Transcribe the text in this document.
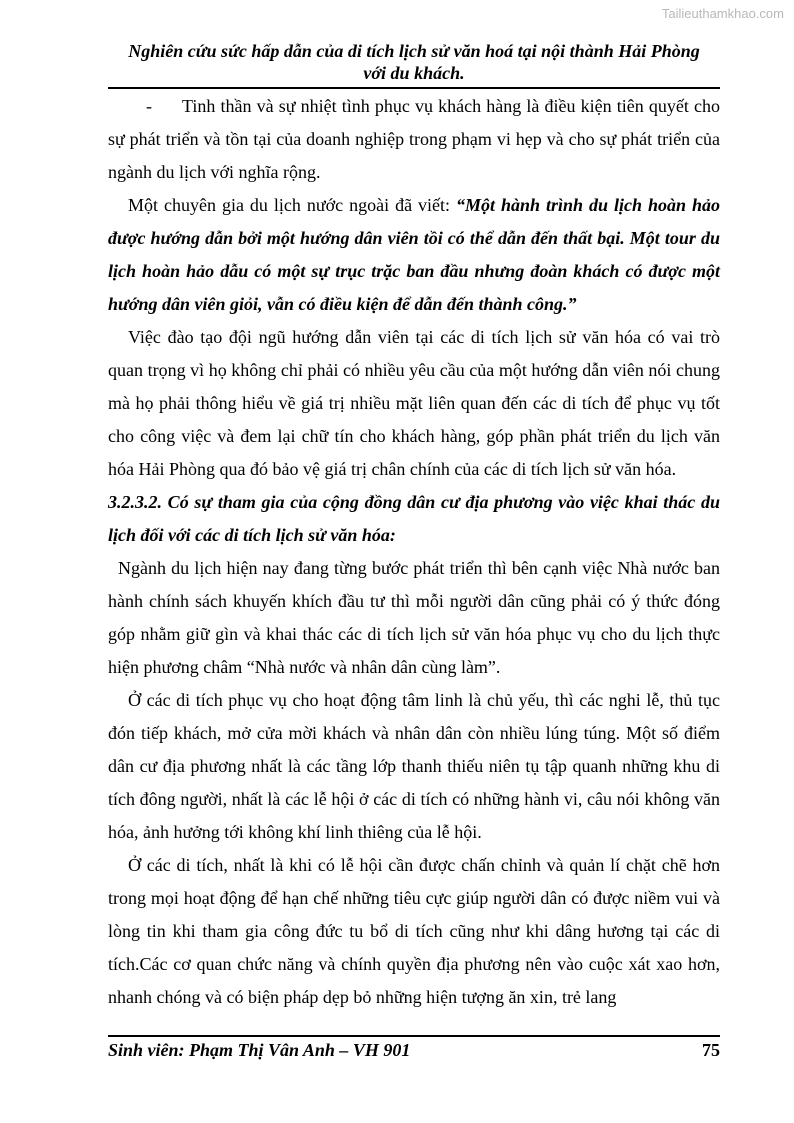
Tailieuthamkhao.com
Nghiên cứu sức hấp dẫn của di tích lịch sử văn hoá tại nội thành Hải Phòng
với du khách.

- Tinh thần và sự nhiệt tình phục vụ khách hàng là điều kiện tiên quyết cho sự phát triển và tồn tại của doanh nghiệp trong phạm vi hẹp và cho sự phát triển của ngành du lịch với nghĩa rộng.

Một chuyên gia du lịch nước ngoài đã viết: “Một hành trình du lịch hoàn hảo được hướng dẫn bởi một hướng dân viên tồi có thể dẫn đến thất bại. Một tour du lịch hoàn hảo dẫu có một sự trục trặc ban đầu nhưng đoàn khách có được một hướng dân viên giỏi, vẫn có điều kiện để dẫn đến thành công.”

Việc đào tạo đội ngũ hướng dẫn viên tại các di tích lịch sử văn hóa có vai trò quan trọng vì họ không chỉ phải có nhiều yêu cầu của một hướng dẫn viên nói chung mà họ phải thông hiểu về giá trị nhiều mặt liên quan đến các di tích để phục vụ tốt cho công việc và đem lại chữ tín cho khách hàng, góp phần phát triển du lịch văn hóa Hải Phòng qua đó bảo vệ giá trị chân chính của các di tích lịch sử văn hóa.

3.2.3.2. Có sự tham gia của cộng đồng dân cư địa phương vào việc khai thác du lịch đối với các di tích lịch sử văn hóa:

Ngành du lịch hiện nay đang từng bước phát triển thì bên cạnh việc Nhà nước ban hành chính sách khuyến khích đầu tư thì mỗi người dân cũng phải có ý thức đóng góp nhằm giữ gìn và khai thác các di tích lịch sử văn hóa phục vụ cho du lịch thực hiện phương châm “Nhà nước và nhân dân cùng làm”.

Ở các di tích phục vụ cho hoạt động tâm linh là chủ yếu, thì các nghi lễ, thủ tục đón tiếp khách, mở cửa mời khách và nhân dân còn nhiều lúng túng. Một số điểm dân cư địa phương nhất là các tầng lớp thanh thiếu niên tụ tập quanh những khu di tích đông người, nhất là các lễ hội ở các di tích có những hành vi, câu nói không văn hóa, ảnh hưởng tới không khí linh thiêng của lễ hội.

Ở các di tích, nhất là khi có lễ hội cần được chấn chỉnh và quản lí chặt chẽ hơn trong mọi hoạt động để hạn chế những tiêu cực giúp người dân có được niềm vui và lòng tin khi tham gia công đức tu bổ di tích cũng như khi dâng hương tại các di tích.Các cơ quan chức năng và chính quyền địa phương nên vào cuộc xát xao hơn, nhanh chóng và có biện pháp dẹp bỏ những hiện tượng ăn xin, trẻ lang

Sinh viên: Phạm Thị Vân Anh – VH 901	75
